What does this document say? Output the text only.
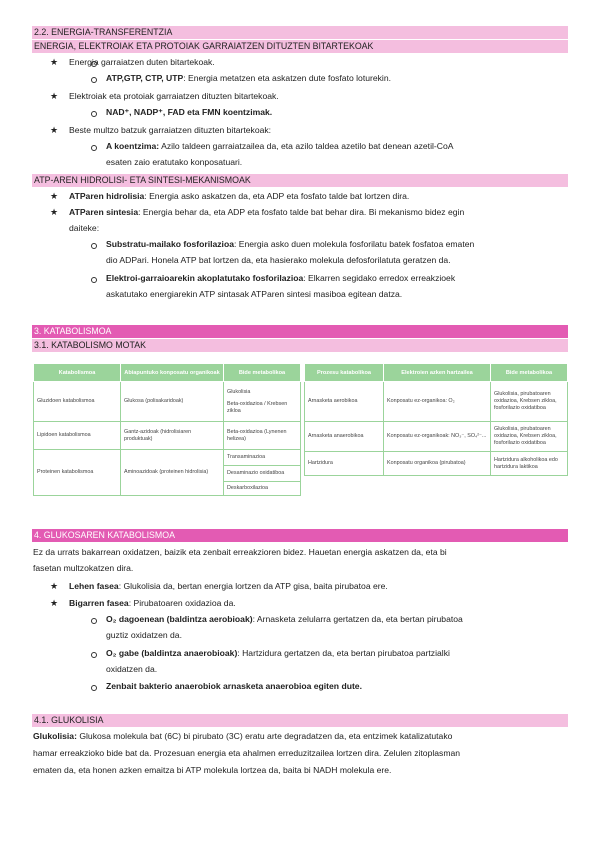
2.2. ENERGIA-TRANSFERENTZIA
ENERGIA, ELEKTROIAK ETA PROTOIAK GARRAIATZEN DITUZTEN BITARTEKOAK
★ Energia garraiatzen duten bitartekoak.
ATP,GTP, CTP, UTP: Energia metatzen eta askatzen dute fosfato loturekin.
★ Elektroiak eta protoiak garraiatzen dituzten bitartekoak.
NAD⁺, NADP⁺, FAD eta FMN koentzimak.
★ Beste multzo batzuk garraiatzen dituzten bitartekoak:
A koentzima: Azilo taldeen garraiatzailea da, eta azilo taldea azetilo bat denean azetil-CoA
esaten zaio eratutako konposatuari.
ATP-AREN HIDROLISI- ETA SINTESI-MEKANISMOAK
★ ATParen hidrolisia: Energia asko askatzen da, eta ADP eta fosfato talde bat lortzen dira.
★ ATParen sintesia: Energia behar da, eta ADP eta fosfato talde bat behar dira. Bi mekanismo bidez egin
daiteke:
Substratu-mailako fosforilazioa: Energia asko duen molekula fosforilatu batek fosfatoa ematen
dio ADPari. Honela ATP bat lortzen da, eta hasierako molekula defosforilatuta geratzen da.
Elektroi-garraioarekin akoplatutako fosforilazioa: Elkarren segidako erredox erreakzioek
askatutako energiarekin ATP sintasak ATParen sintesi masiboa egitean datza.
3. KATABOLISMOA
3.1. KATABOLISMO MOTAK
Katabolismoa	Abiapuntuko konposatu organikoak	Bide metabolikoa
Gluzidoen katabolismoa	Glukosa (polisakaridoak)	Glukolisia
Beta-oxidazioa / Krebsen zikloa

Lipidoen katabolismoa	Gantz-azidoak (hidrolisiaren produktuak)	Beta-oxidazioa (Lynenen helizea)
Proteinen katabolismoa	Aminoazidoak (proteinen hidrolisia)	Transaminazioa
		Desaminazio oxidatiboa
		Deskarboxilazioa
Prozesu katabolikoa	Elektroien azken hartzailea	Bide metabolikoa
Arnasketa aerobikoa	Konposatu ez-organikoa: O₂	Glukolisia, pirubatoaren oxidazioa, Krebsen zikloa, fosforilazio oxidatiboa
Arnasketa anaerobikoa	Konposatu ez-organikoak: NO₃⁻, SO₄²⁻...	Glukolisia, pirubatoaren oxidazioa, Krebsen zikloa, fosforilazio oxidatiboa
Hartzidura	Konposatu organikoa (pirubatoa)	Hartzidura alkoholikoa edo hartzidura laktikoa
4. GLUKOSAREN KATABOLISMOA
Ez da urrats bakarrean oxidatzen, baizik eta zenbait erreakzioren bidez. Hauetan energia askatzen da, eta bi
fasetan multzokatzen dira.
★ Lehen fasea: Glukolisia da, bertan energia lortzen da ATP gisa, baita pirubatoa ere.
★ Bigarren fasea: Pirubatoaren oxidazioa da.
O₂ dagoenean (baldintza aerobioak): Arnasketa zelularra gertatzen da, eta bertan pirubatoa
guztiz oxidatzen da.
O₂ gabe (baldintza anaerobioak): Hartzidura gertatzen da, eta bertan pirubatoa partzialki
oxidatzen da.
Zenbait bakterio anaerobiok arnasketa anaerobioa egiten dute.
4.1. GLUKOLISIA
Glukolisia: Glukosa molekula bat (6C) bi pirubato (3C) eratu arte degradatzen da, eta entzimek katalizatutako
hamar erreakzioko bide bat da. Prozesuan energia eta ahalmen erreduzitzailea lortzen dira. Zelulen zitoplasman
ematen da, eta honen azken emaitza bi ATP molekula lortzea da, baita bi NADH molekula ere.
